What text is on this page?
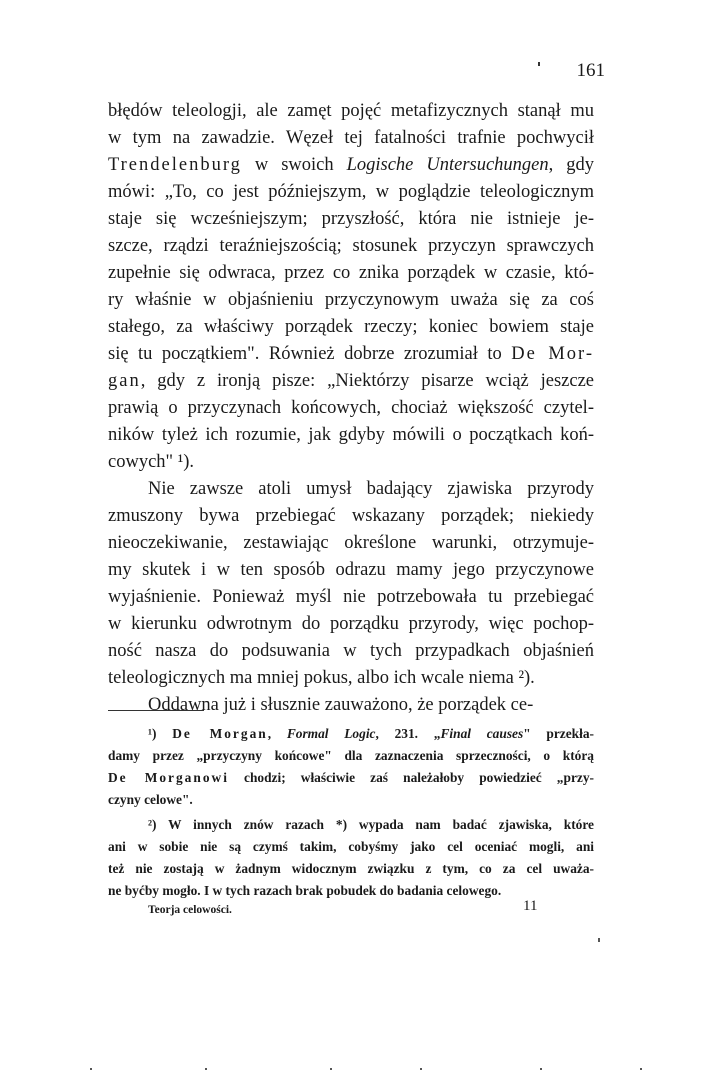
161

błędów teleologji, ale zamęt pojęć metafizycznych stanął mu

w tym na zawadzie. Węzeł tej fatalności trafnie pochwycił

Trendelenburg w swoich Logische Untersuchungen, gdy

mówi: „To, co jest późniejszym, w poglądzie teleologicznym

staje się wcześniejszym; przyszłość, która nie istnieje je-

szcze, rządzi teraźniejszością; stosunek przyczyn sprawczych

zupełnie się odwraca, przez co znika porządek w czasie, któ-

ry właśnie w objaśnieniu przyczynowym uważa się za coś

stałego, za właściwy porządek rzeczy; koniec bowiem staje

się tu początkiem". Również dobrze zrozumiał to De Mor-

gan, gdy z ironją pisze: „Niektórzy pisarze wciąż jeszcze

prawią o przyczynach końcowych, chociaż większość czytel-

ników tyleż ich rozumie, jak gdyby mówili o początkach koń-

cowych" ¹).

Nie zawsze atoli umysł badający zjawiska przyrody

zmuszony bywa przebiegać wskazany porządek; niekiedy

nieoczekiwanie, zestawiając określone warunki, otrzymuje-

my skutek i w ten sposób odrazu mamy jego przyczynowe

wyjaśnienie. Ponieważ myśl nie potrzebowała tu przebiegać

w kierunku odwrotnym do porządku przyrody, więc pochop-

ność nasza do podsuwania w tych przypadkach objaśnień

teleologicznych ma mniej pokus, albo ich wcale niema ²).

Oddawna już i słusznie zauważono, że porządek ce-

¹) De Morgan, Formal Logic, 231. „Final causes" przekła-

damy przez „przyczyny końcowe" dla zaznaczenia sprzeczności, o którą

De Morganowi chodzi; właściwie zaś należałoby powiedzieć „przy-

czyny celowe".

²) W innych znów razach *) wypada nam badać zjawiska, które

ani w sobie nie są czymś takim, cobyśmy jako cel oceniać mogli, ani

też nie zostają w żadnym widocznym związku z tym, co za cel uważa-

ne byćby mogło. I w tych razach brak pobudek do badania celowego.

Teorja celowości.	11
